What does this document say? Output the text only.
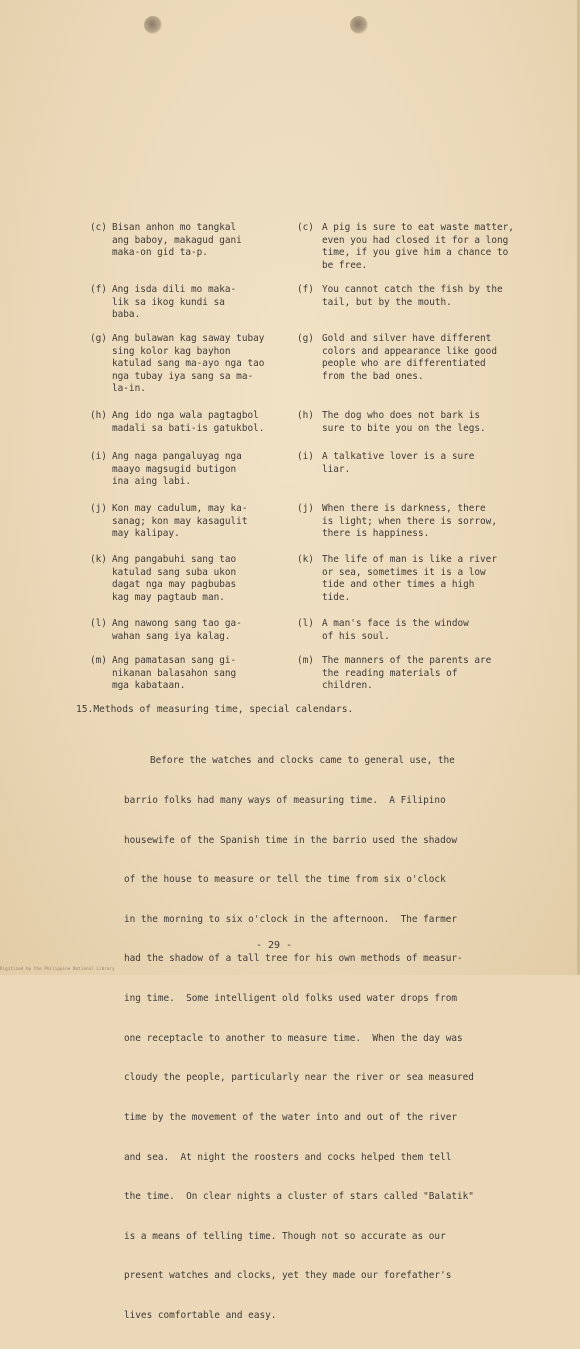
(c) Bisan anhon mo tangkal
ang baboy, makagud gani
maka-on gid ta-p.
(c) A pig is sure to eat waste matter,
even you had closed it for a long
time, if you give him a chance to
be free.
(f) Ang isda dili mo maka-
lik sa ikog kundi sa
baba.
(f) You cannot catch the fish by the
tail, but by the mouth.
(g) Ang bulawan kag saway tubay
sing kolor kag bayhon
katulad sang ma-ayo nga tao
nga tubay iya sang sa ma-
la-in.
(g) Gold and silver have different
colors and appearance like good
people who are differentiated
from the bad ones.
(h) Ang ido nga wala pagtagbol
madali sa bati-is gatukbol.
(h) The dog who does not bark is
sure to bite you on the legs.
(i) Ang naga pangaluyag nga
maayo magsugid butigon
ina aing labi.
(i) A talkative lover is a sure
liar.
(j) Kon may cadulum, may ka-
sanag; kon may kasagulit
may kalipay.
(j) When there is darkness, there
is light; when there is sorrow,
there is happiness.
(k) Ang pangabuhi sang tao
katulad sang suba ukon
dagat nga may pagbubas
kag may pagtaub man.
(k) The life of man is like a river
or sea, sometimes it is a low
tide and other times a high
tide.
(l) Ang nawong sang tao ga-
wahan sang iya kalag.
(l) A man's face is the window
of his soul.
(m) Ang pamatasan sang gi-
nikanan balasahon sang
mga kabataan.
(m) The manners of the parents are
the reading materials of
children.
15.Methods of measuring time, special calendars.

Before the watches and clocks came to general use, the

barrio folks had many ways of measuring time.  A Filipino

housewife of the Spanish time in the barrio used the shadow

of the house to measure or tell the time from six o'clock

in the morning to six o'clock in the afternoon.  The farmer

had the shadow of a tall tree for his own methods of measur-

ing time.  Some intelligent old folks used water drops from

one receptacle to another to measure time.  When the day was

cloudy the people, particularly near the river or sea measured

time by the movement of the water into and out of the river

and sea.  At night the roosters and cocks helped them tell

the time.  On clear nights a cluster of stars called "Balatik"

is a means of telling time. Though not so accurate as our

present watches and clocks, yet they made our forefather's

lives comfortable and easy.

- 29 -
Digitized by the Philippine National Library
